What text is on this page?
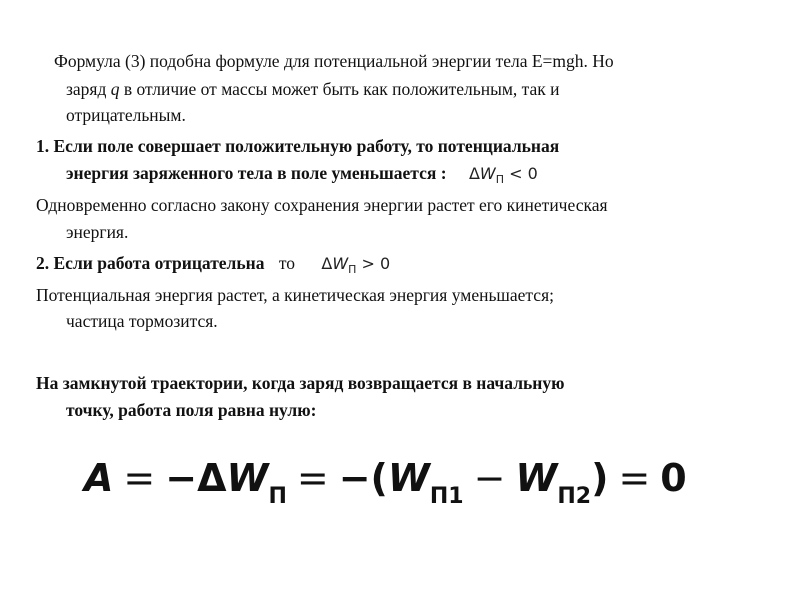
Формула (3) подобна формуле для потенциальной энергии тела E=mgh. Но
заряд q в отличие от массы может быть как положительным, так и
отрицательным.
1. Если поле совершает положительную работу, то потенциальная
энергия заряженного тела в поле уменьшается : $\Delta W_П < 0$
Одновременно согласно закону сохранения энергии растет его кинетическая
энергия.
2. Если работа отрицательна то $\Delta W_П > 0$
Потенциальная энергия растет, а кинетическая энергия уменьшается;
частица тормозится.
На замкнутой траектории, когда заряд возвращается в начальную
точку, работа поля равна нулю:
$A = -\Delta W_П = -(W_{П1} - W_{П2}) = 0$
